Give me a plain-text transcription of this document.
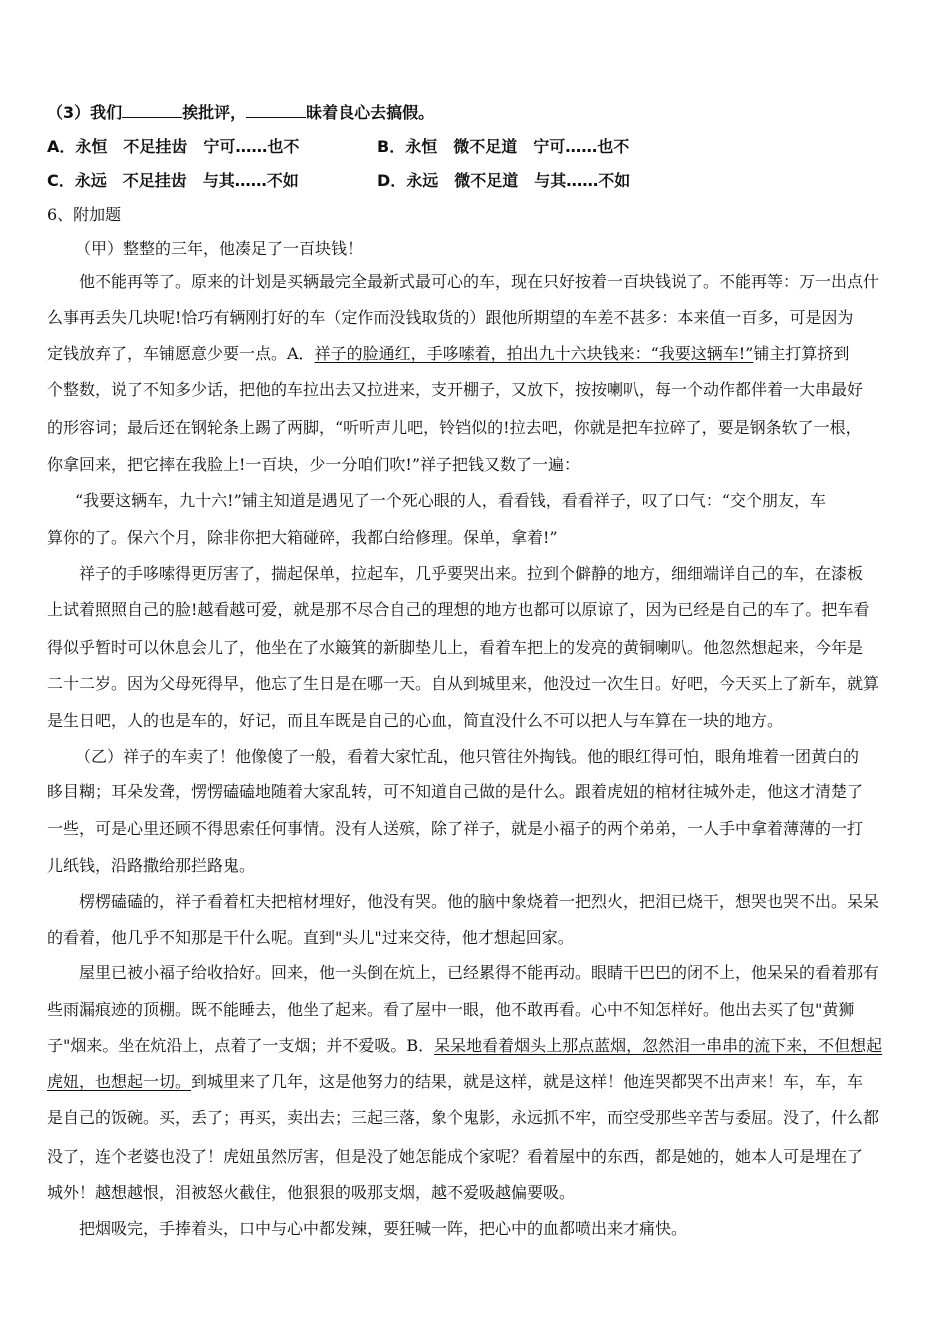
（3）我们	挨批评，	昧着良心去搞假。
A．永恒　不足挂齿　宁可……也不	B．永恒　微不足道　宁可……也不
C．永远　不足挂齿　与其……不如	D．永远　微不足道　与其……不如
6、附加题
（甲）整整的三年，他凑足了一百块钱！
他不能再等了。原来的计划是买辆最完全最新式最可心的车，现在只好按着一百块钱说了。不能再等：万一出点什
么事再丢失几块呢!恰巧有辆刚打好的车（定作而没钱取货的）跟他所期望的车差不甚多：本来值一百多，可是因为
定钱放弃了，车铺愿意少要一点。A．祥子的脸通红，手哆嗦着，拍出九十六块钱来：“我要这辆车!”铺主打算挤到
个整数，说了不知多少话，把他的车拉出去又拉进来，支开棚子，又放下，按按喇叭，每一个动作都伴着一大串最好
的形容词；最后还在钢轮条上踢了两脚，“听听声儿吧，铃铛似的!拉去吧，你就是把车拉碎了，要是钢条软了一根，
你拿回来，把它摔在我脸上!一百块，少一分咱们吹!”祥子把钱又数了一遍：
“我要这辆车，九十六!”铺主知道是遇见了一个死心眼的人，看看钱，看看祥子，叹了口气：“交个朋友，车
算你的了。保六个月，除非你把大箱碰碎，我都白给修理。保单，拿着!”
祥子的手哆嗦得更厉害了，揣起保单，拉起车，几乎要哭出来。拉到个僻静的地方，细细端详自己的车，在漆板
上试着照照自己的脸!越看越可爱，就是那不尽合自己的理想的地方也都可以原谅了，因为已经是自己的车了。把车看
得似乎暂时可以休息会儿了，他坐在了水簸箕的新脚垫儿上，看着车把上的发亮的黄铜喇叭。他忽然想起来，今年是
二十二岁。因为父母死得早，他忘了生日是在哪一天。自从到城里来，他没过一次生日。好吧，今天买上了新车，就算
是生日吧，人的也是车的，好记，而且车既是自己的心血，简直没什么不可以把人与车算在一块的地方。
（乙）祥子的车卖了！他像傻了一般，看着大家忙乱，他只管往外掏钱。他的眼红得可怕，眼角堆着一团黄白的
眵目糊；耳朵发聋，愣愣磕磕地随着大家乱转，可不知道自己做的是什么。跟着虎妞的棺材往城外走，他这才清楚了
一些，可是心里还顾不得思索任何事情。没有人送殡，除了祥子，就是小福子的两个弟弟，一人手中拿着薄薄的一打
儿纸钱，沿路撒给那拦路鬼。
楞楞磕磕的，祥子看着杠夫把棺材埋好，他没有哭。他的脑中象烧着一把烈火，把泪已烧干，想哭也哭不出。呆呆
的看着，他几乎不知那是干什么呢。直到"头儿"过来交待，他才想起回家。
屋里已被小福子给收拾好。回来，他一头倒在炕上，已经累得不能再动。眼睛干巴巴的闭不上，他呆呆的看着那有
些雨漏痕迹的顶棚。既不能睡去，他坐了起来。看了屋中一眼，他不敢再看。心中不知怎样好。他出去买了包"黄狮
子"烟来。坐在炕沿上，点着了一支烟；并不爱吸。B．呆呆地看着烟头上那点蓝烟，忽然泪一串串的流下来，不但想起
虎妞，也想起一切。到城里来了几年，这是他努力的结果，就是这样，就是这样！他连哭都哭不出声来！车，车，车
是自己的饭碗。买，丢了；再买，卖出去；三起三落，象个鬼影，永远抓不牢，而空受那些辛苦与委屈。没了，什么都
没了，连个老婆也没了！虎妞虽然厉害，但是没了她怎能成个家呢？看着屋中的东西，都是她的，她本人可是埋在了
城外！越想越恨，泪被怒火截住，他狠狠的吸那支烟，越不爱吸越偏要吸。
把烟吸完，手捧着头，口中与心中都发辣，要狂喊一阵，把心中的血都喷出来才痛快。
